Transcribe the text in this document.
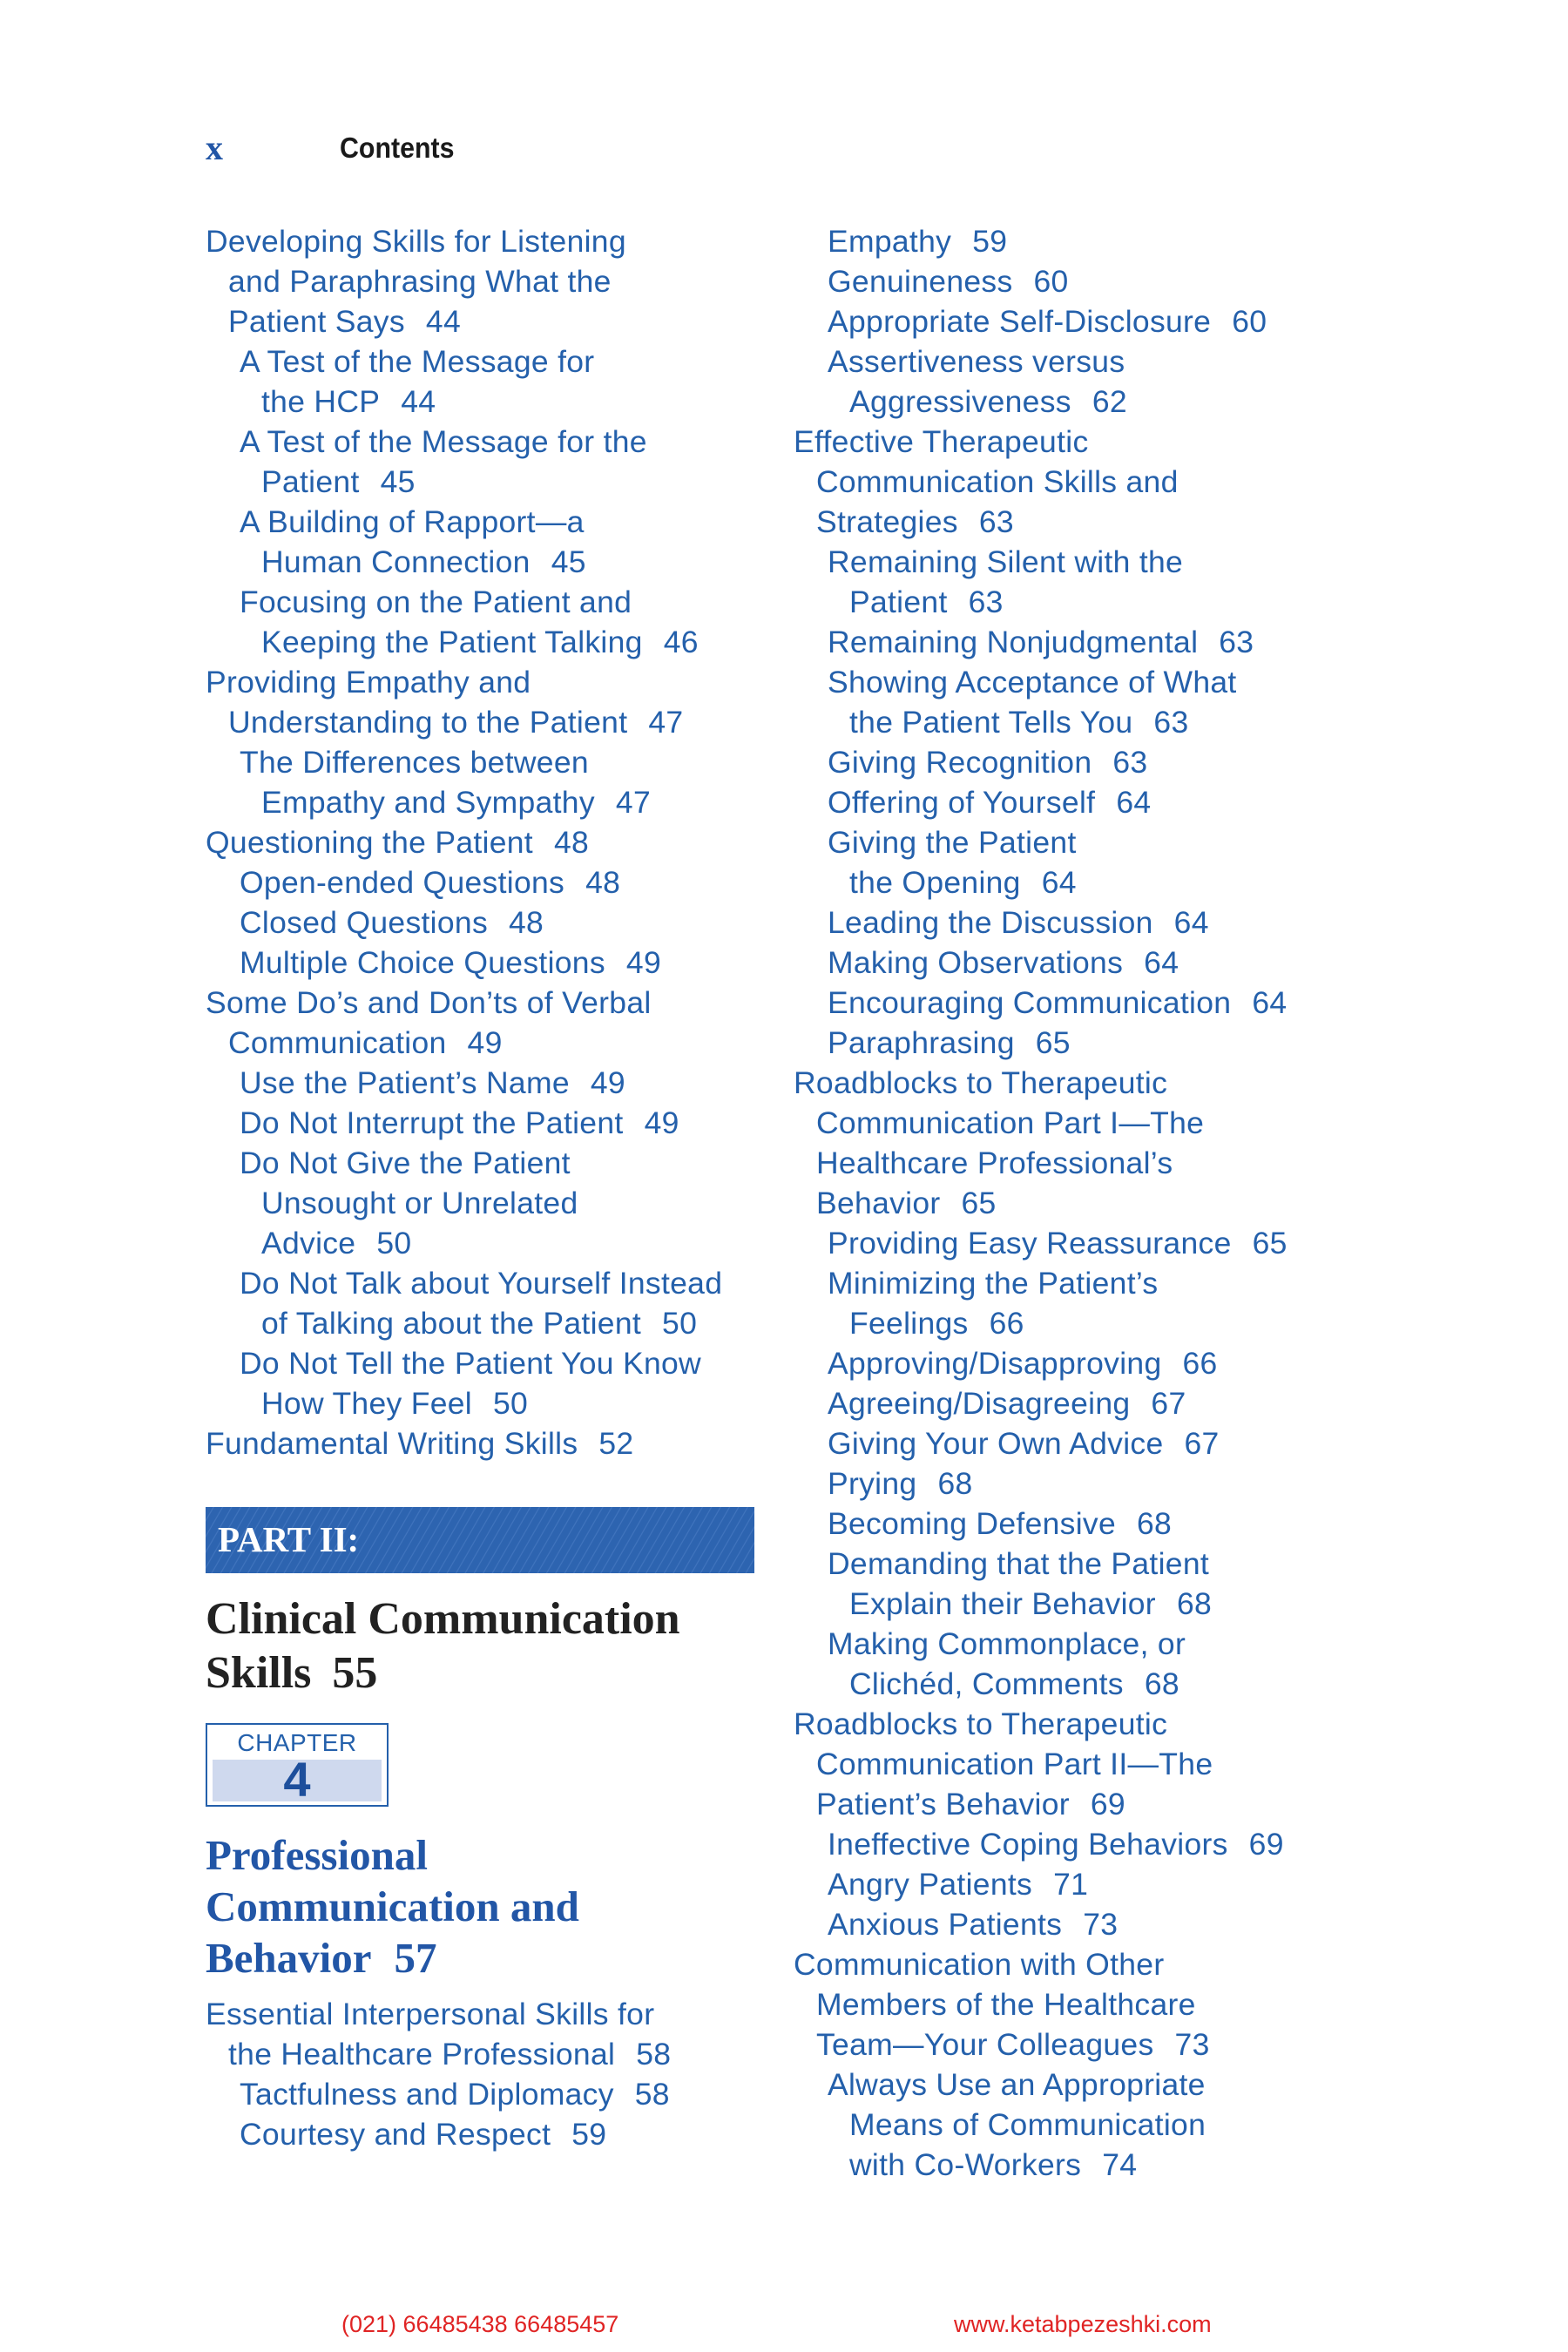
x	Contents
Developing Skills for Listening
and Paraphrasing What the
Patient Says 44
A Test of the Message for
the HCP 44
A Test of the Message for the
Patient 45
A Building of Rapport—a
Human Connection 45
Focusing on the Patient and
Keeping the Patient Talking 46
Providing Empathy and
Understanding to the Patient 47
The Differences between
Empathy and Sympathy 47
Questioning the Patient 48
Open-ended Questions 48
Closed Questions 48
Multiple Choice Questions 49
Some Do’s and Don’ts of Verbal
Communication 49
Use the Patient’s Name 49
Do Not Interrupt the Patient 49
Do Not Give the Patient
Unsought or Unrelated
Advice 50
Do Not Talk about Yourself Instead
of Talking about the Patient 50
Do Not Tell the Patient You Know
How They Feel 50
Fundamental Writing Skills 52
PART II:
Clinical Communication
Skills 55
CHAPTER
4
Professional
Communication and
Behavior 57
Essential Interpersonal Skills for
the Healthcare Professional 58
Tactfulness and Diplomacy 58
Courtesy and Respect 59
Empathy 59
Genuineness 60
Appropriate Self-Disclosure 60
Assertiveness versus
Aggressiveness 62
Effective Therapeutic
Communication Skills and
Strategies 63
Remaining Silent with the
Patient 63
Remaining Nonjudgmental 63
Showing Acceptance of What
the Patient Tells You 63
Giving Recognition 63
Offering of Yourself 64
Giving the Patient
the Opening 64
Leading the Discussion 64
Making Observations 64
Encouraging Communication 64
Paraphrasing 65
Roadblocks to Therapeutic
Communication Part I—The
Healthcare Professional’s
Behavior 65
Providing Easy Reassurance 65
Minimizing the Patient’s
Feelings 66
Approving/Disapproving 66
Agreeing/Disagreeing 67
Giving Your Own Advice 67
Prying 68
Becoming Defensive 68
Demanding that the Patient
Explain their Behavior 68
Making Commonplace, or
Clichéd, Comments 68
Roadblocks to Therapeutic
Communication Part II—The
Patient’s Behavior 69
Ineffective Coping Behaviors 69
Angry Patients 71
Anxious Patients 73
Communication with Other
Members of the Healthcare
Team—Your Colleagues 73
Always Use an Appropriate
Means of Communication
with Co-Workers 74
(021) 66485438 66485457	www.ketabpezeshki.com
